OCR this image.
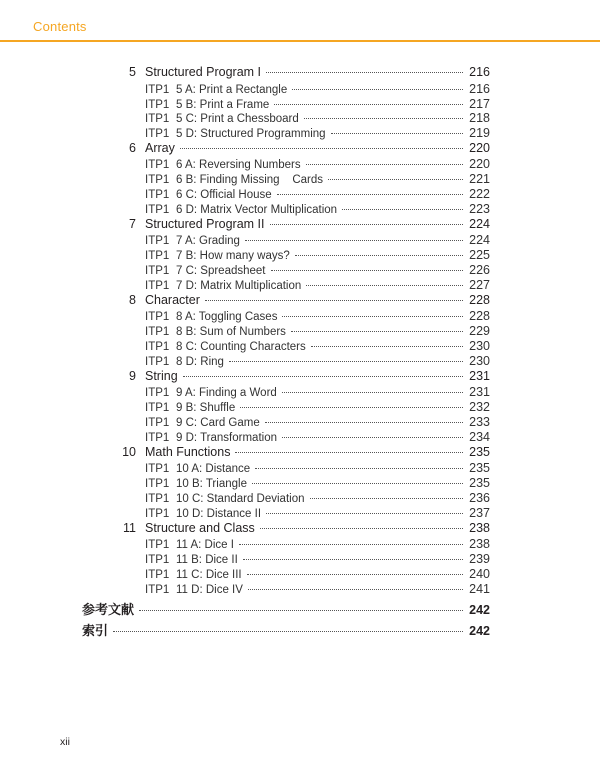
Contents
5 Structured Program I	216
ITP1 5 A: Print a Rectangle	216
ITP1 5 B: Print a Frame	217
ITP1 5 C: Print a Chessboard	218
ITP1 5 D: Structured Programming	219
6 Array	220
ITP1 6 A: Reversing Numbers	220
ITP1 6 B: Finding Missing    Cards	221
ITP1 6 C: Official House	222
ITP1 6 D: Matrix Vector Multiplication	223
7 Structured Program II	224
ITP1 7 A: Grading	224
ITP1 7 B: How many ways?	225
ITP1 7 C: Spreadsheet	226
ITP1 7 D: Matrix Multiplication	227
8 Character	228
ITP1 8 A: Toggling Cases	228
ITP1 8 B: Sum of Numbers	229
ITP1 8 C: Counting Characters	230
ITP1 8 D: Ring	230
9 String	231
ITP1 9 A: Finding a Word	231
ITP1 9 B: Shuffle	232
ITP1 9 C: Card Game	233
ITP1 9 D: Transformation	234
10 Math Functions	235
ITP1 10 A: Distance	235
ITP1 10 B: Triangle	235
ITP1 10 C: Standard Deviation	236
ITP1 10 D: Distance II	237
11 Structure and Class	238
ITP1 11 A: Dice I	238
ITP1 11 B: Dice II	239
ITP1 11 C: Dice III	240
ITP1 11 D: Dice IV	241
参考文献	242
索引	242
xii
